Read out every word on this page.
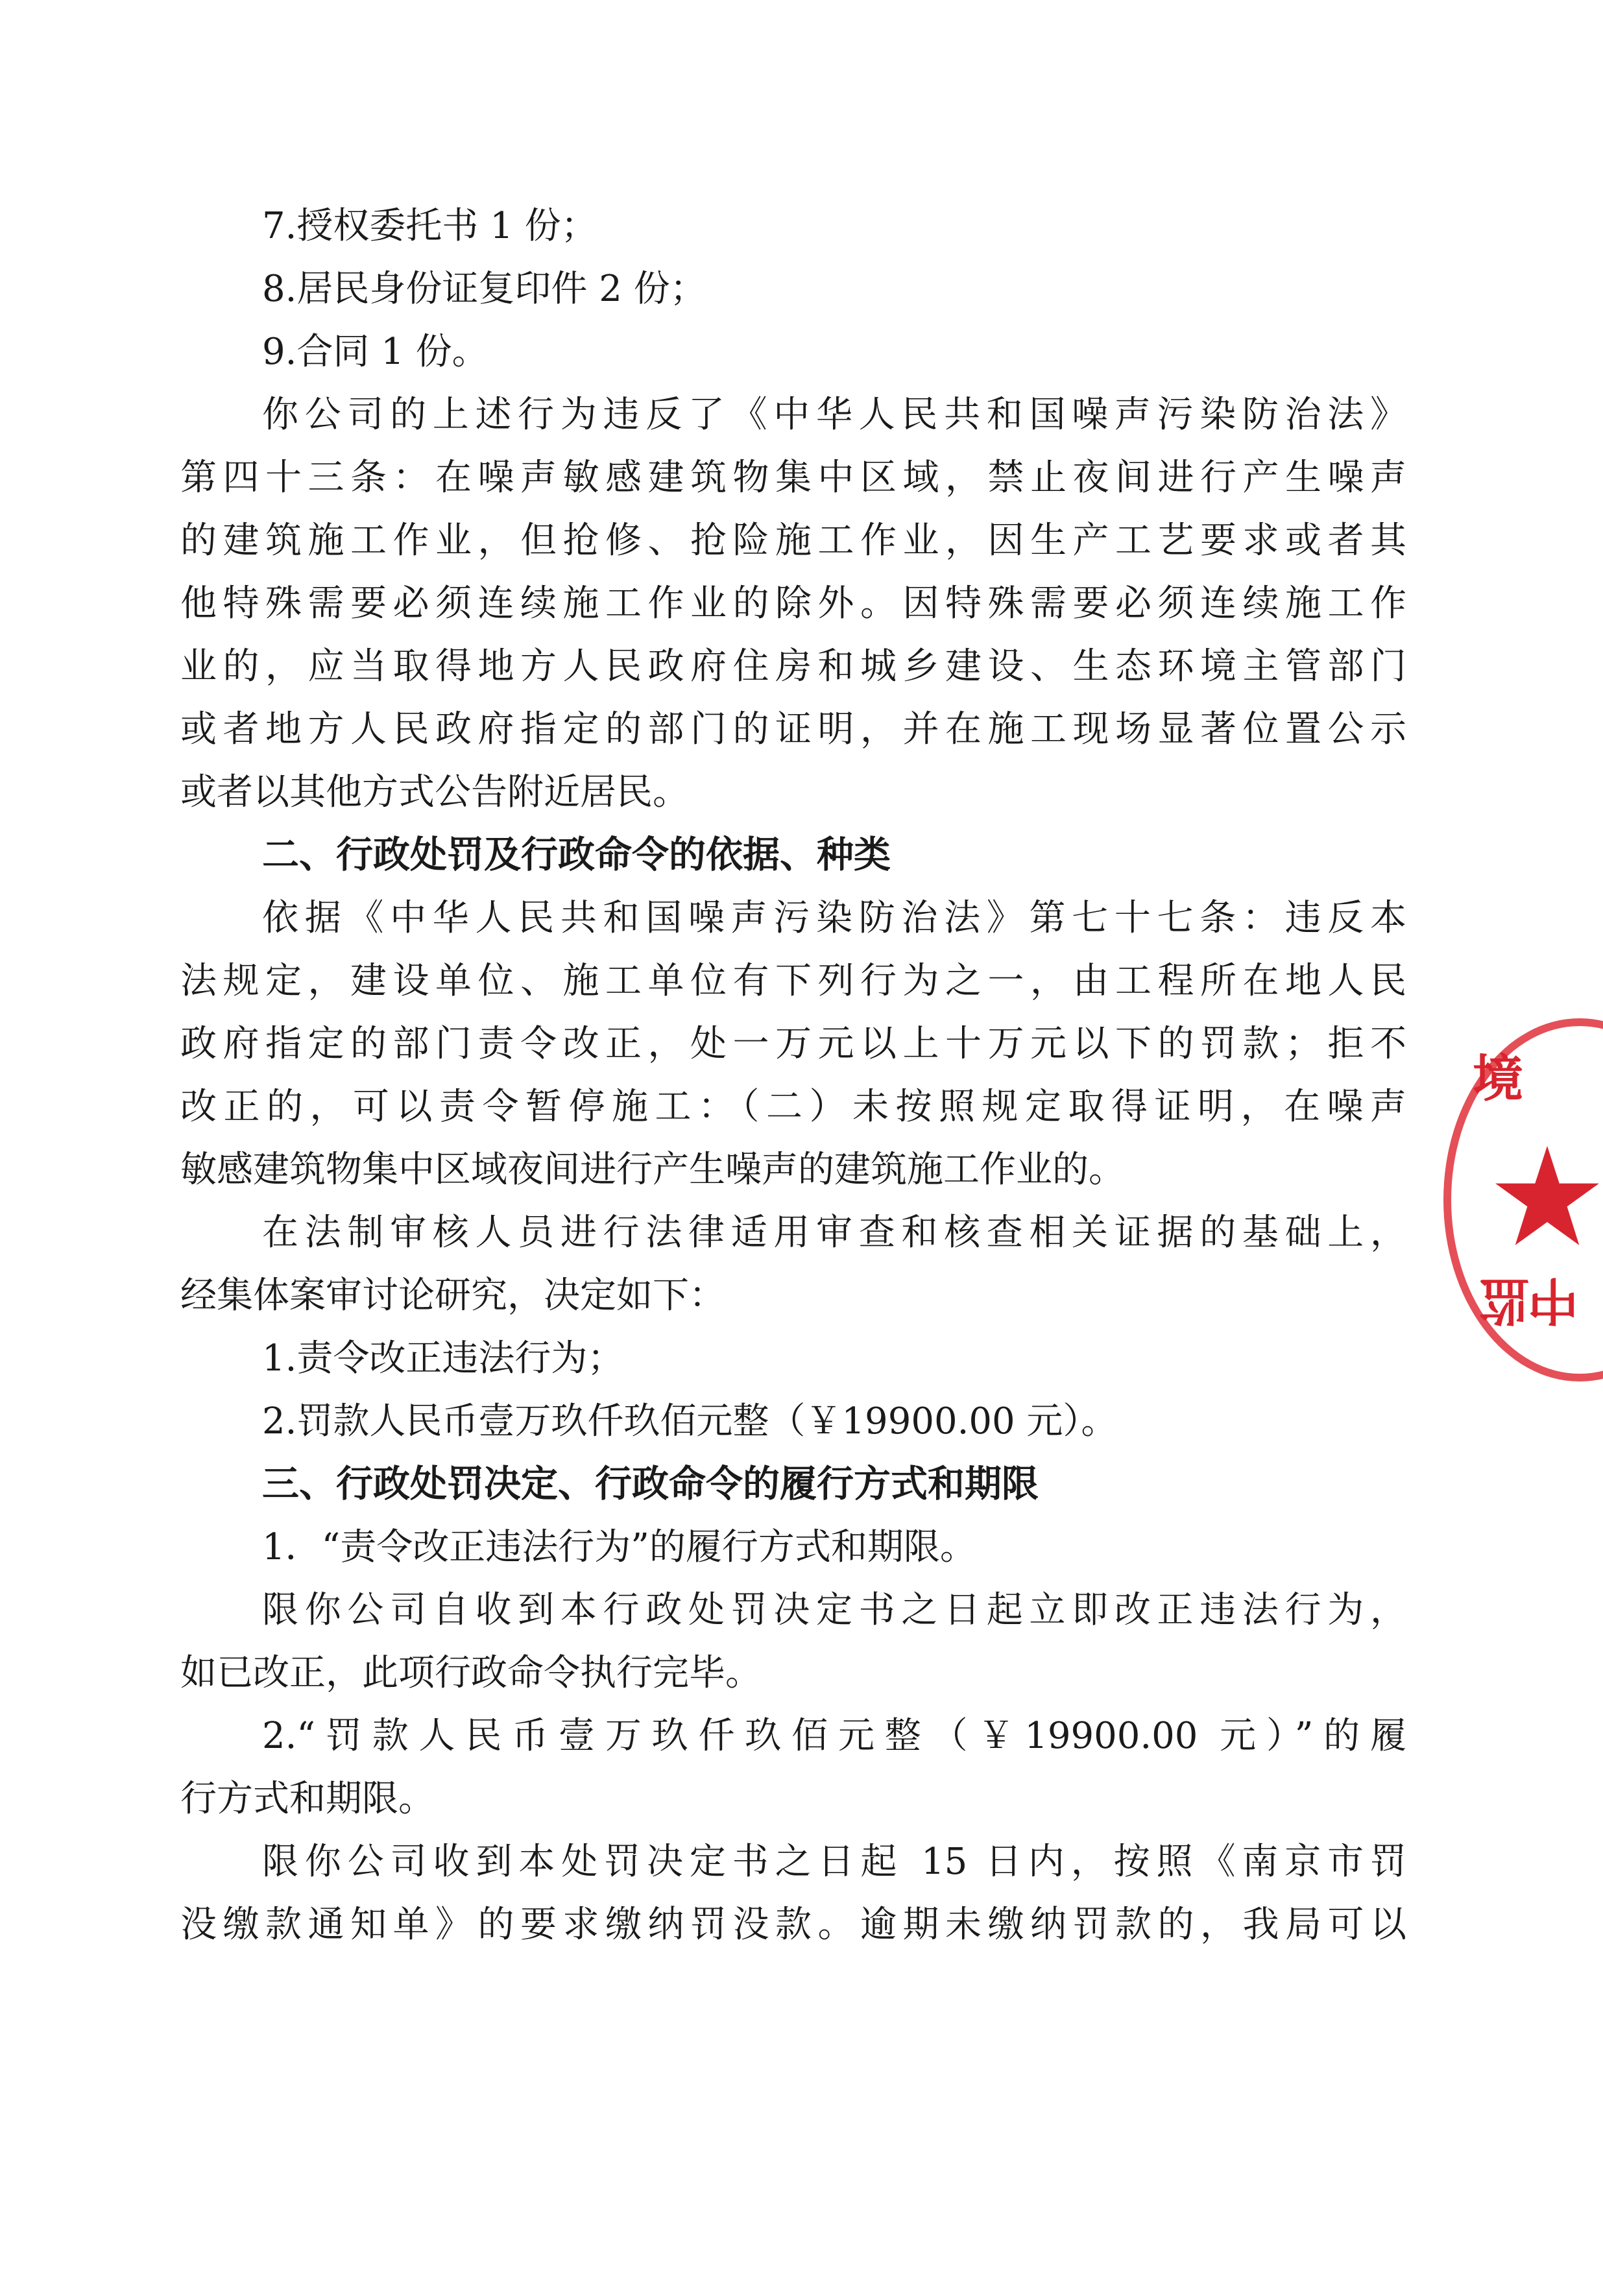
7.授权委托书 1 份；
8.居民身份证复印件 2 份；
9.合同 1 份。
你公司的上述行为违反了《中华人民共和国噪声污染防治法》
第四十三条：在噪声敏感建筑物集中区域，禁止夜间进行产生噪声
的建筑施工作业，但抢修、抢险施工作业，因生产工艺要求或者其
他特殊需要必须连续施工作业的除外。因特殊需要必须连续施工作
业的，应当取得地方人民政府住房和城乡建设、生态环境主管部门
或者地方人民政府指定的部门的证明，并在施工现场显著位置公示
或者以其他方式公告附近居民。
二、行政处罚及行政命令的依据、种类
依据《中华人民共和国噪声污染防治法》第七十七条：违反本
法规定，建设单位、施工单位有下列行为之一，由工程所在地人民
政府指定的部门责令改正，处一万元以上十万元以下的罚款；拒不
改正的，可以责令暂停施工：（二）未按照规定取得证明，在噪声
敏感建筑物集中区域夜间进行产生噪声的建筑施工作业的。
在法制审核人员进行法律适用审查和核查相关证据的基础上，
经集体案审讨论研究，决定如下：
1.责令改正违法行为；
2.罚款人民币壹万玖仟玖佰元整（￥19900.00 元）。
三、行政处罚决定、行政命令的履行方式和期限
1．“责令改正违法行为”的履行方式和期限。
限你公司自收到本行政处罚决定书之日起立即改正违法行为，
如已改正，此项行政命令执行完毕。
2.“罚款人民币壹万玖仟玖佰元整（￥19900.00 元）”的履
行方式和期限。
限你公司收到本处罚决定书之日起 15 日内，按照《南京市罚
没缴款通知单》的要求缴纳罚没款。逾期未缴纳罚款的，我局可以
境
监
中
